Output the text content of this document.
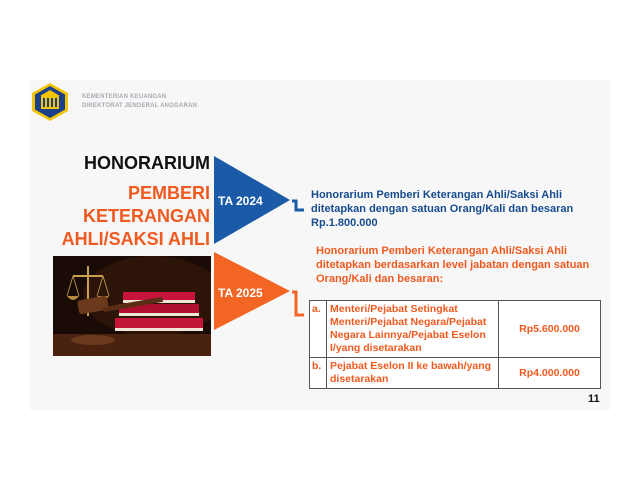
KEMENTERIAN KEUANGAN
DIREKTORAT JENDERAL ANGGARAN
HONORARIUM
PEMBERI
KETERANGAN
AHLI/SAKSI AHLI
TA 2024
TA 2025
Honorarium Pemberi Keterangan Ahli/Saksi Ahli ditetapkan dengan satuan Orang/Kali dan besaran Rp.1.800.000
Honorarium Pemberi Keterangan Ahli/Saksi Ahli ditetapkan berdasarkan level jabatan dengan satuan Orang/Kali dan besaran:
a.	Menteri/Pejabat Setingkat Menteri/Pejabat Negara/Pejabat Negara Lainnya/Pejabat Eselon I/yang disetarakan	Rp5.600.000
b.	Pejabat Eselon II ke bawah/yang disetarakan	Rp4.000.000
11
